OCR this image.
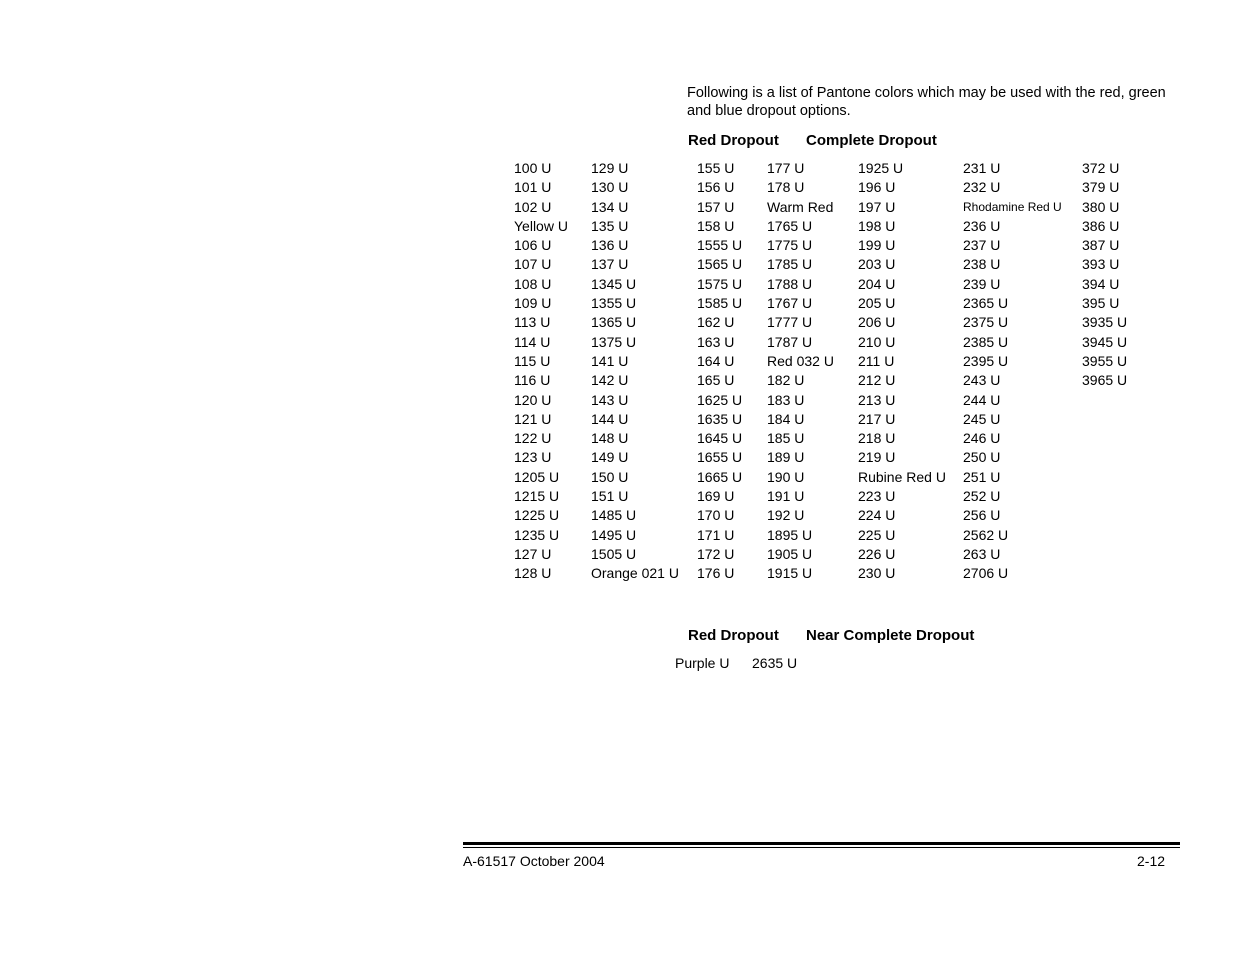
Following is a list of Pantone colors which may be used with the red, green and blue dropout options.
Red Dropout Complete Dropout
100 U
101 U
102 U
Yellow U
106 U
107 U
108 U
109 U
113 U
114 U
115 U
116 U
120 U
121 U
122 U
123 U
1205 U
1215 U
1225 U
1235 U
127 U
128 U
129 U
130 U
134 U
135 U
136 U
137 U
1345 U
1355 U
1365 U
1375 U
141 U
142 U
143 U
144 U
148 U
149 U
150 U
151 U
1485 U
1495 U
1505 U
Orange 021 U
155 U
156 U
157 U
158 U
1555 U
1565 U
1575 U
1585 U
162 U
163 U
164 U
165 U
1625 U
1635 U
1645 U
1655 U
1665 U
169 U
170 U
171 U
172 U
176 U
177 U
178 U
Warm Red
1765 U
1775 U
1785 U
1788 U
1767 U
1777 U
1787 U
Red 032 U
182 U
183 U
184 U
185 U
189 U
190 U
191 U
192 U
1895 U
1905 U
1915 U
1925 U
196 U
197 U
198 U
199 U
203 U
204 U
205 U
206 U
210 U
211 U
212 U
213 U
217 U
218 U
219 U
Rubine Red U
223 U
224 U
225 U
226 U
230 U
231 U
232 U
Rhodamine Red U
236 U
237 U
238 U
239 U
2365 U
2375 U
2385 U
2395 U
243 U
244 U
245 U
246 U
250 U
251 U
252 U
256 U
2562 U
263 U
2706 U
372 U
379 U
380 U
386 U
387 U
393 U
394 U
395 U
3935 U
3945 U
3955 U
3965 U
Red Dropout Near Complete Dropout
Purple U 2635 U
A-61517 October 2004	2-12
